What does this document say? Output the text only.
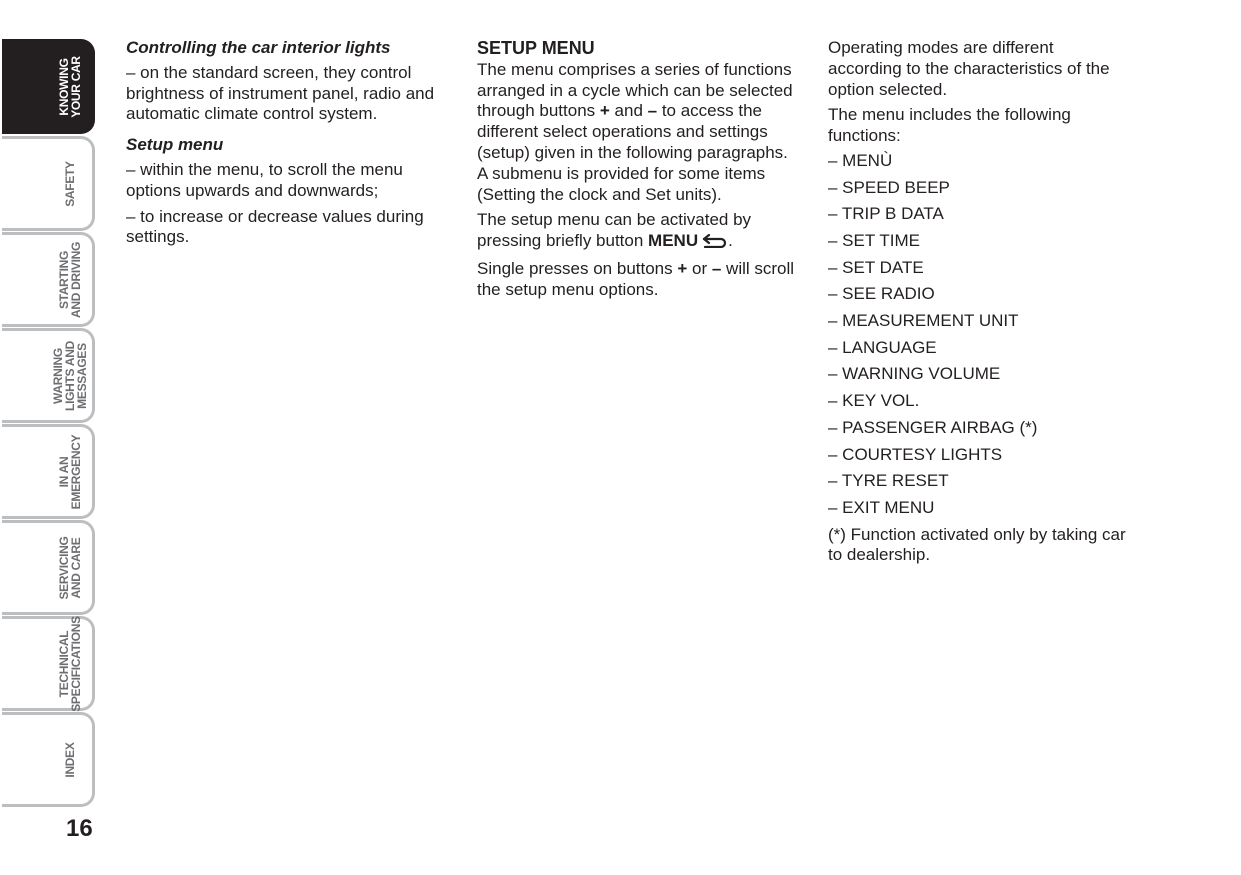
KNOWING
YOUR CAR
SAFETY
STARTING
AND DRIVING
WARNING
LIGHTS AND
MESSAGES
IN AN
EMERGENCY
SERVICING
AND CARE
TECHNICAL
SPECIFICATIONS
INDEX
16

Controlling the car interior lights

– on the standard screen, they control brightness of instrument panel, radio and automatic climate control system.

Setup menu

– within the menu, to scroll the menu options upwards and downwards;

– to increase or decrease values during settings.

SETUP MENU

The menu comprises a series of functions arranged in a cycle which can be selected through buttons + and – to access the different select operations and settings (setup) given in the following paragraphs. A submenu is provided for some items (Setting the clock and Set units).

The setup menu can be activated by pressing briefly button MENU .

Single presses on buttons + or – will scroll the setup menu options.

Operating modes are different according to the characteristics of the option selected.

The menu includes the following functions:

– MENÙ
– SPEED BEEP
– TRIP B DATA
– SET TIME
– SET DATE
– SEE RADIO
– MEASUREMENT UNIT
– LANGUAGE
– WARNING VOLUME
– KEY VOL.
– PASSENGER AIRBAG (*)
– COURTESY LIGHTS
– TYRE RESET
– EXIT MENU

(*) Function activated only by taking car to dealership.
